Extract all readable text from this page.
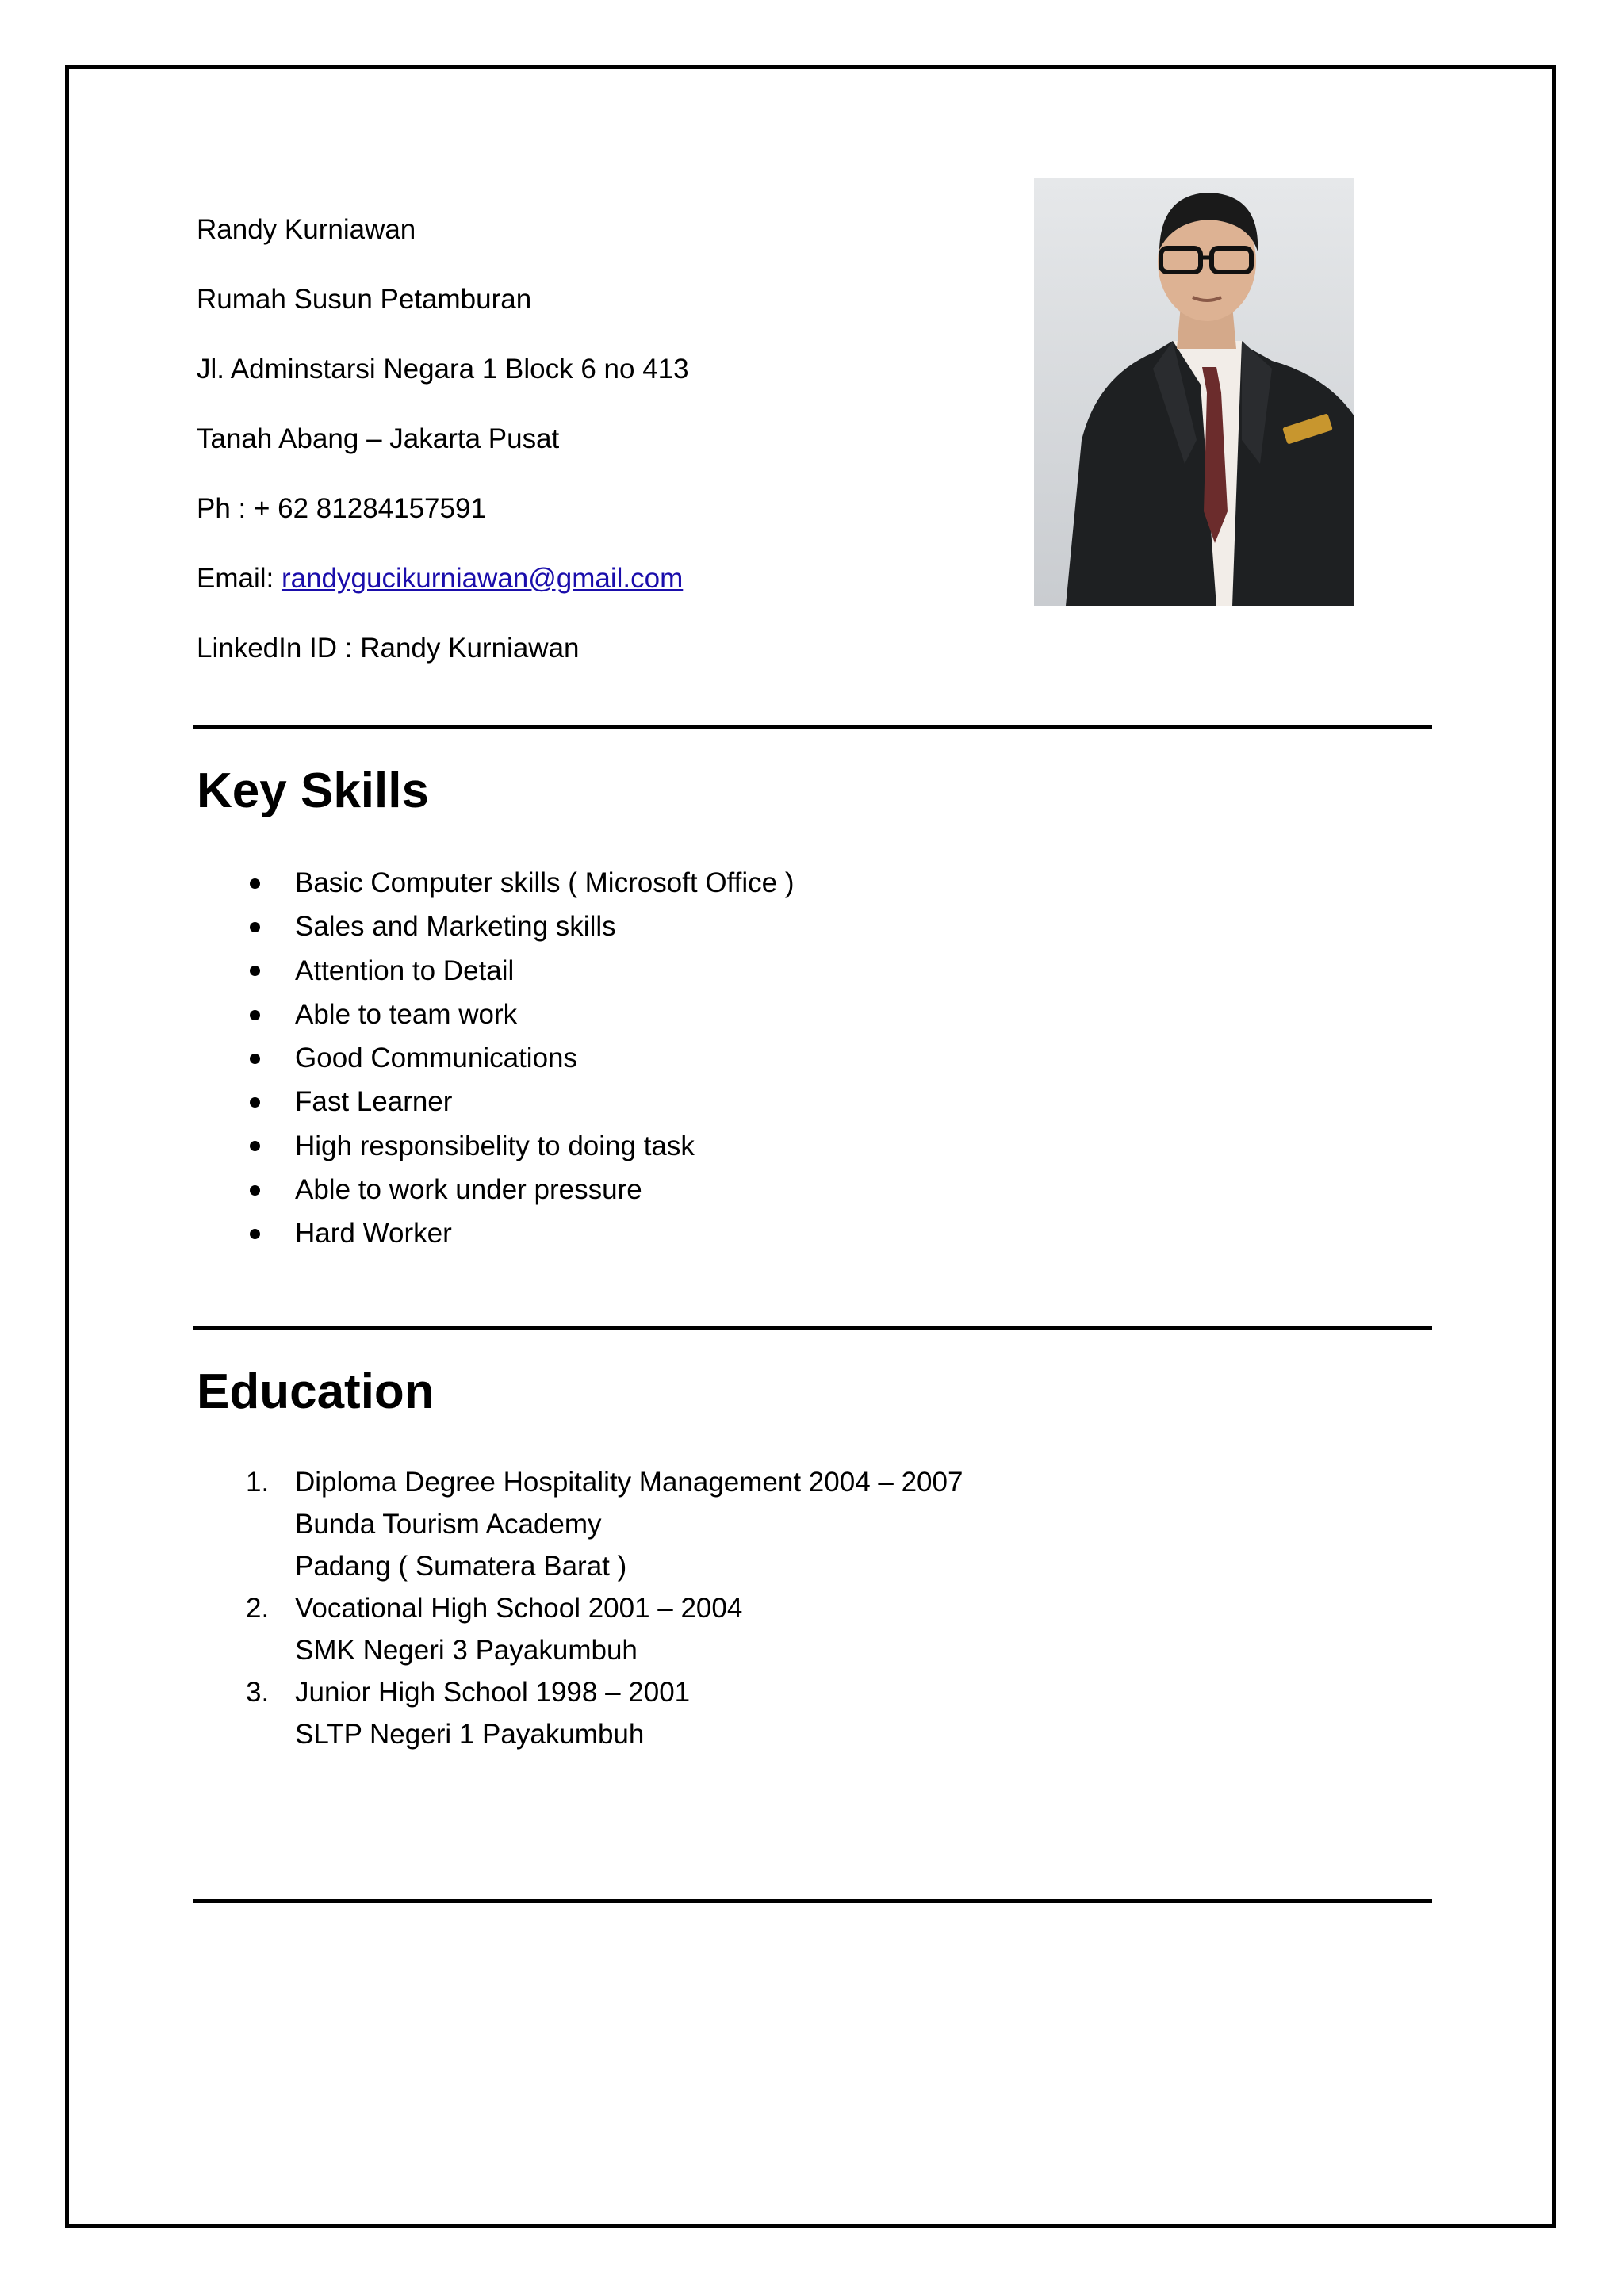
Randy Kurniawan
Rumah Susun Petamburan
Jl. Adminstarsi Negara 1 Block 6 no 413
Tanah Abang – Jakarta Pusat
Ph : + 62 81284157591
Email: randygucikurniawan@gmail.com
LinkedIn ID : Randy Kurniawan
Key Skills
Basic Computer skills ( Microsoft Office )
Sales and Marketing skills
Attention to Detail
Able to team work
Good Communications
Fast Learner
High responsibelity to doing task
Able to work under pressure
Hard Worker
Education
1. Diploma Degree Hospitality Management 2004 – 2007
Bunda Tourism Academy
Padang ( Sumatera Barat )
2. Vocational High School 2001 – 2004
SMK Negeri 3 Payakumbuh
3. Junior High School 1998 – 2001
SLTP Negeri 1 Payakumbuh
